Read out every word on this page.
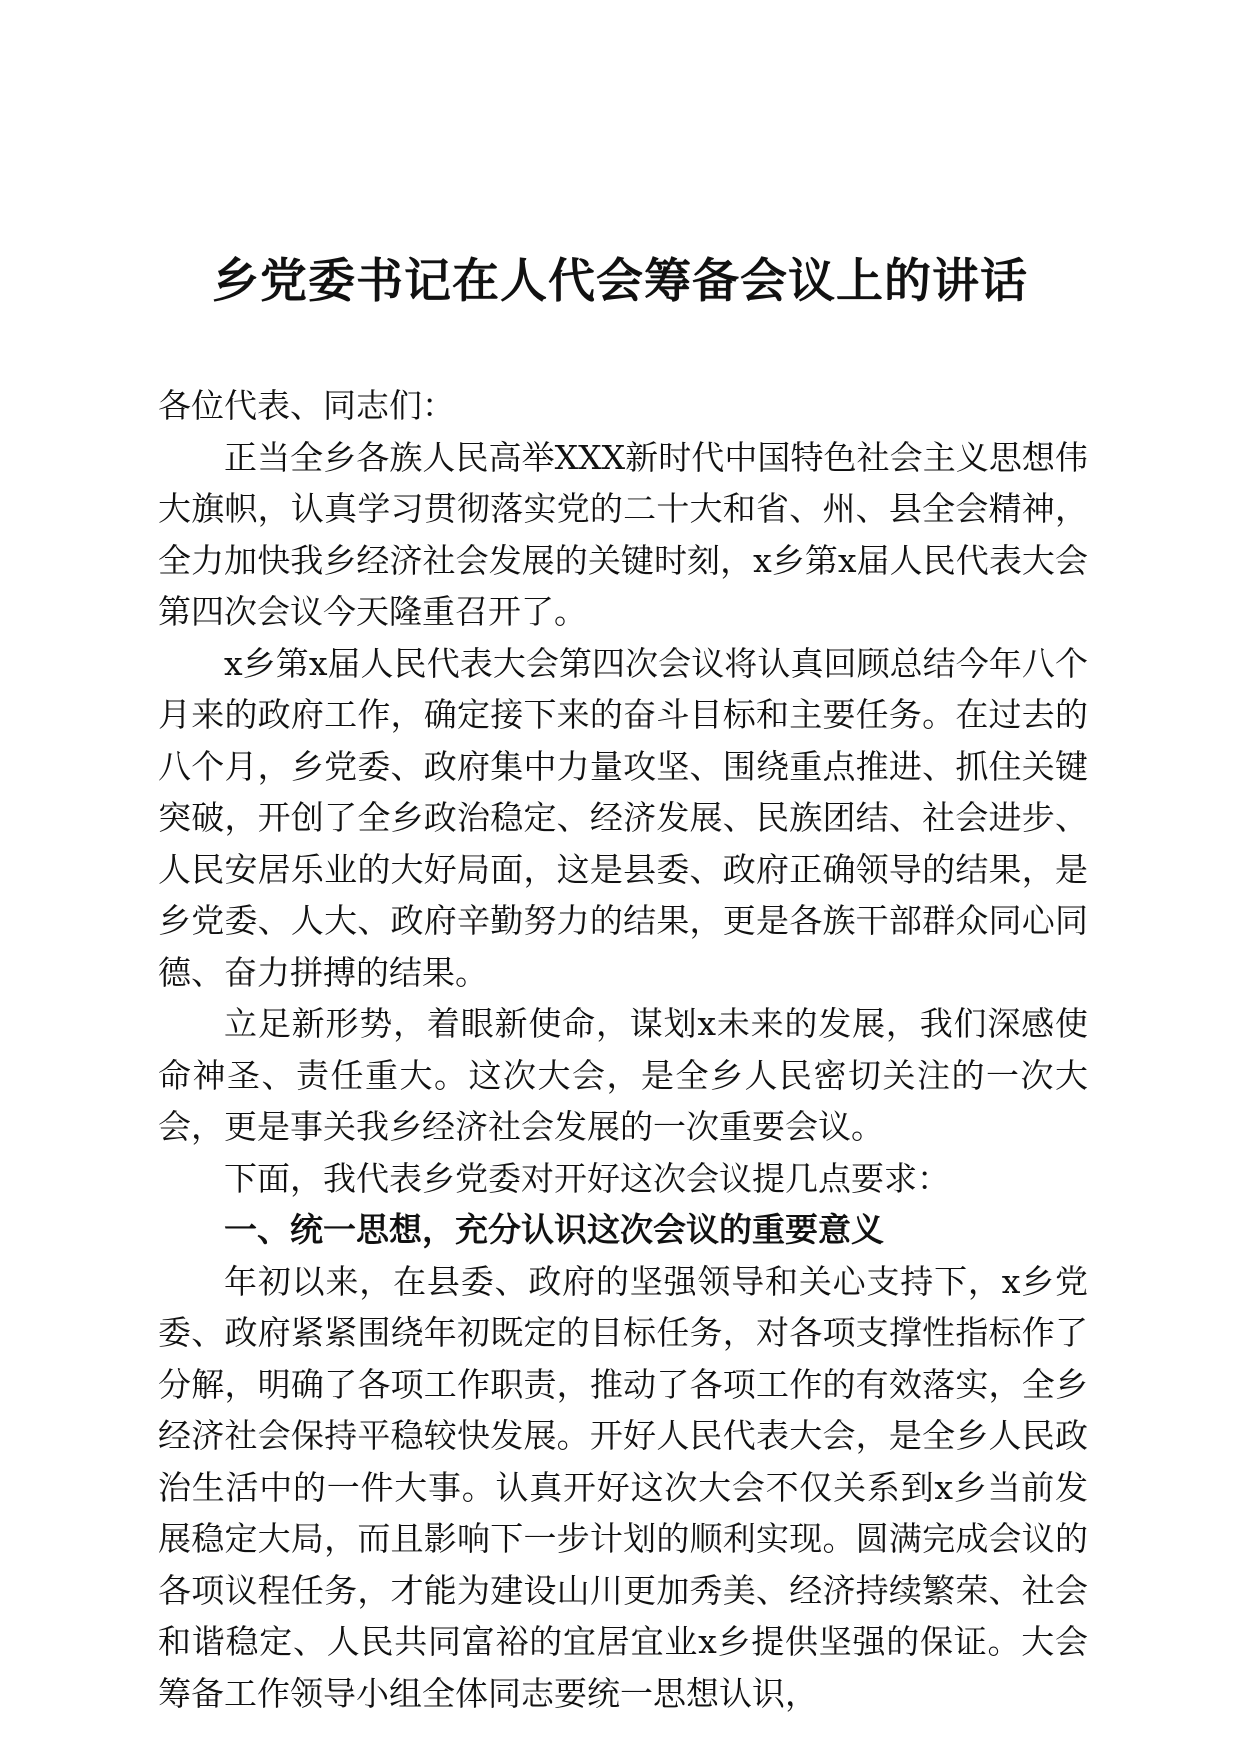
乡党委书记在人代会筹备会议上的讲话

各位代表、同志们：

正当全乡各族人民高举XXX新时代中国特色社会主义思想伟大旗帜，认真学习贯彻落实党的二十大和省、州、县全会精神，全力加快我乡经济社会发展的关键时刻，x乡第x届人民代表大会第四次会议今天隆重召开了。

x乡第x届人民代表大会第四次会议将认真回顾总结今年八个月来的政府工作，确定接下来的奋斗目标和主要任务。在过去的八个月，乡党委、政府集中力量攻坚、围绕重点推进、抓住关键突破，开创了全乡政治稳定、经济发展、民族团结、社会进步、人民安居乐业的大好局面，这是县委、政府正确领导的结果，是乡党委、人大、政府辛勤努力的结果，更是各族干部群众同心同德、奋力拼搏的结果。

立足新形势，着眼新使命，谋划x未来的发展，我们深感使命神圣、责任重大。这次大会，是全乡人民密切关注的一次大会，更是事关我乡经济社会发展的一次重要会议。

下面，我代表乡党委对开好这次会议提几点要求：

一、统一思想，充分认识这次会议的重要意义

年初以来，在县委、政府的坚强领导和关心支持下，x乡党委、政府紧紧围绕年初既定的目标任务，对各项支撑性指标作了分解，明确了各项工作职责，推动了各项工作的有效落实，全乡经济社会保持平稳较快发展。开好人民代表大会，是全乡人民政治生活中的一件大事。认真开好这次大会不仅关系到x乡当前发展稳定大局，而且影响下一步计划的顺利实现。圆满完成会议的各项议程任务，才能为建设山川更加秀美、经济持续繁荣、社会和谐稳定、人民共同富裕的宜居宜业x乡提供坚强的保证。大会筹备工作领导小组全体同志要统一思想认识，
